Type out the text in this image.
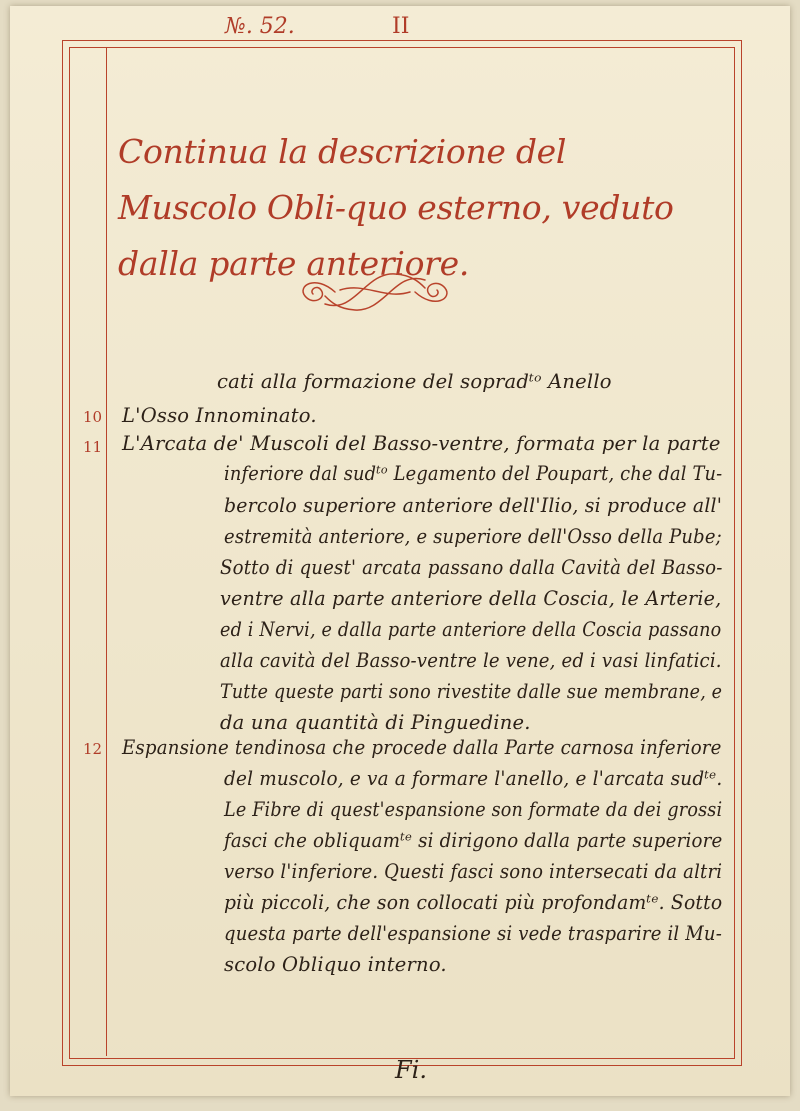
№. 52.	II
Continua la descrizione del Muscolo Obli-quo esterno, veduto dalla parte anteriore.
cati alla formazione del sopradᵗᵒ Anello
10 L'Osso Innominato.
11 L'Arcata de' Muscoli del Basso-ventre, formata per la parte
inferiore dal sudᵗᵒ Legamento del Poupart, che dal Tu-
bercolo superiore anteriore dell'Ilio, si produce all'
estremità anteriore, e superiore dell'Osso della Pube;
Sotto di quest' arcata passano dalla Cavità del Basso-
ventre alla parte anteriore della Coscia, le Arterie,
ed i Nervi, e dalla parte anteriore della Coscia passano
alla cavità del Basso-ventre le vene, ed i vasi linfatici.
Tutte queste parti sono rivestite dalle sue membrane, e
da una quantità di Pinguedine.
12 Espansione tendinosa che procede dalla Parte carnosa inferiore
del muscolo, e va a formare l'anello, e l'arcata sudᵗᵉ.
Le Fibre di quest'espansione son formate da dei grossi
fasci che obliquamᵗᵉ si dirigono dalla parte superiore
verso l'inferiore. Questi fasci sono intersecati da altri
più piccoli, che son collocati più profondamᵗᵉ. Sotto
questa parte dell'espansione si vede trasparire il Mu-
scolo Obliquo interno.
Fi.
